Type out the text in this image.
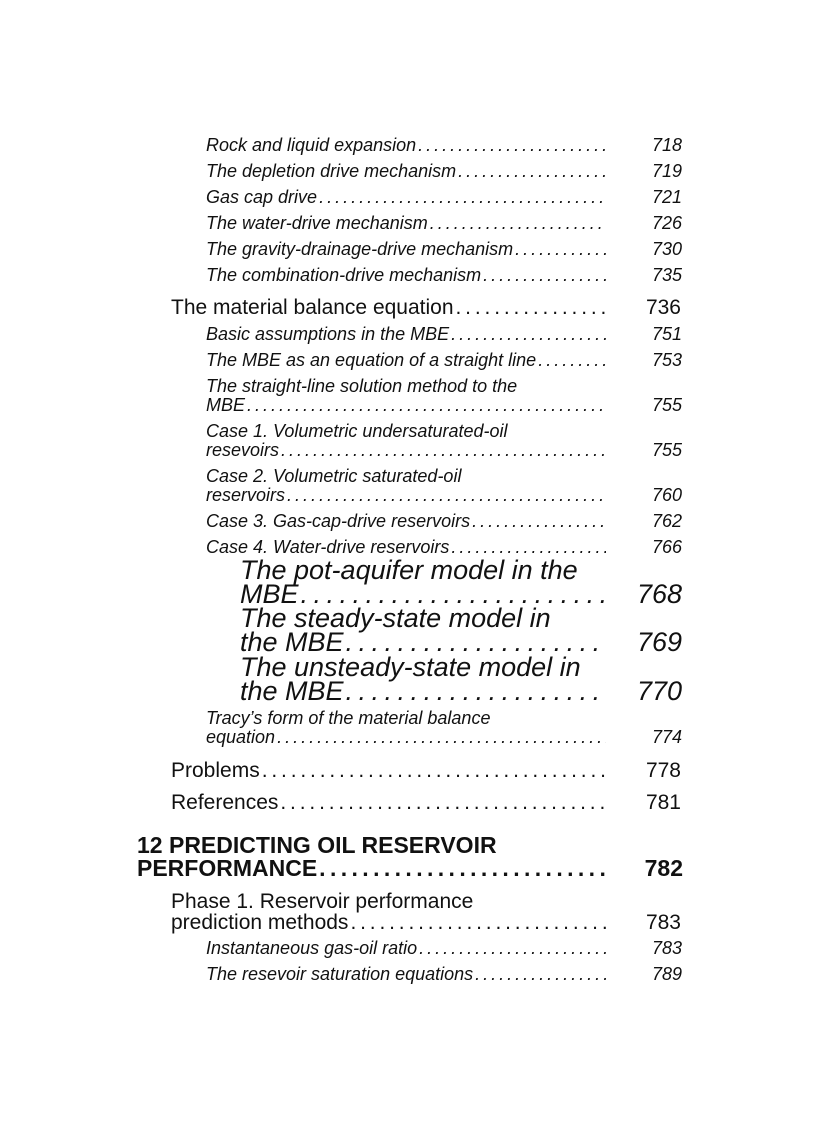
Rock and liquid expansion . . .	718
The depletion drive mechanism . . .	719
Gas cap drive . . .	721
The water-drive mechanism . . .	726
The gravity-drainage-drive mechanism . . .	730
The combination-drive mechanism . . .	735
The material balance equation . . .	736
Basic assumptions in the MBE . . .	751
The MBE as an equation of a straight line . . .	753
The straight-line solution method to the
MBE . . .	755
Case 1. Volumetric undersaturated-oil
resevoirs . . .	755
Case 2. Volumetric saturated-oil
reservoirs . . .	760
Case 3. Gas-cap-drive reservoirs . . .	762
Case 4. Water-drive reservoirs . . .	766
The pot-aquifer model in the
MBE . . .	768
The steady-state model in
the MBE . . .	769
The unsteady-state model in
the MBE . . .	770
Tracy’s form of the material balance
equation . . .	774
Problems . . .	778
References . . .	781
12 PREDICTING OIL RESERVOIR
PERFORMANCE . . .	782
Phase 1. Reservoir performance
prediction methods . . .	783
Instantaneous gas-oil ratio . . .	783
The resevoir saturation equations . . .	789
